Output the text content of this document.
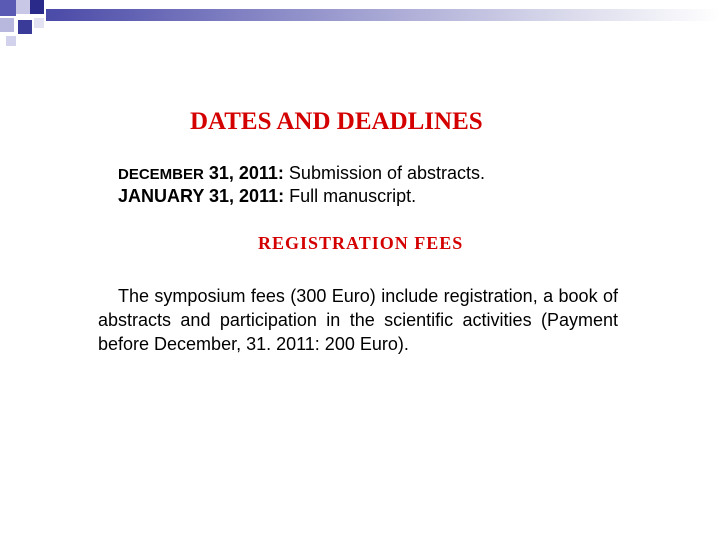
DATES AND DEADLINES

DECEMBER 31, 2011: Submission of abstracts.

JANUARY 31, 2011: Full manuscript.

REGISTRATION FEES

The symposium fees (300 Euro) include registration, a book of abstracts and participation in the scientific activities (Payment before December, 31. 2011: 200 Euro).
